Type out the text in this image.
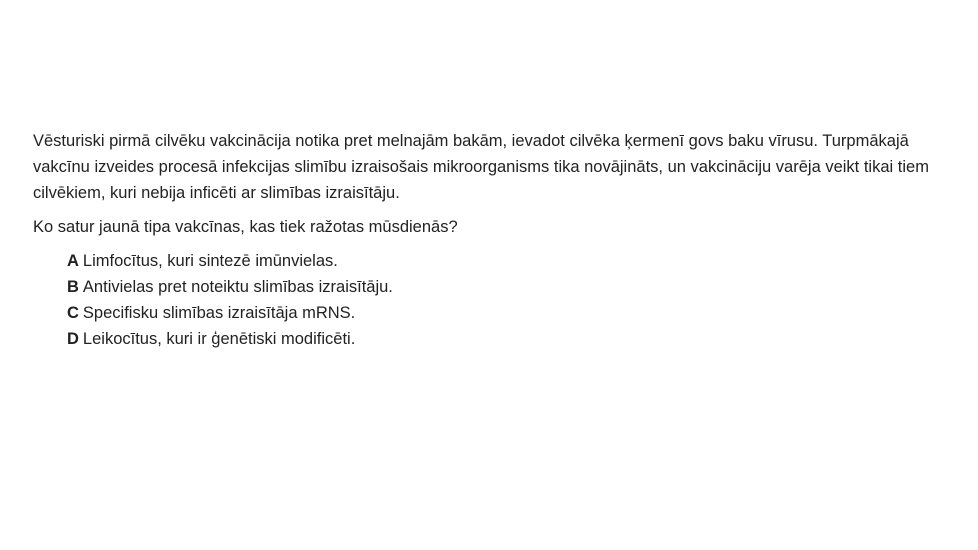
Vēsturiski pirmā cilvēku vakcinācija notika pret melnajām bakām, ievadot cilvēka ķermenī govs baku vīrusu. Turpmākajā vakcīnu izveides procesā infekcijas slimību izraisošais mikroorganisms tika novājināts, un vakcināciju varēja veikt tikai tiem cilvēkiem, kuri nebija inficēti ar slimības izraisītāju.

Ko satur jaunā tipa vakcīnas, kas tiek ražotas mūsdienās?

A Limfocītus, kuri sintezē imūnvielas.
B Antivielas pret noteiktu slimības izraisītāju.
C Specifisku slimības izraisītāja mRNS.
D Leikocītus, kuri ir ģenētiski modificēti.
